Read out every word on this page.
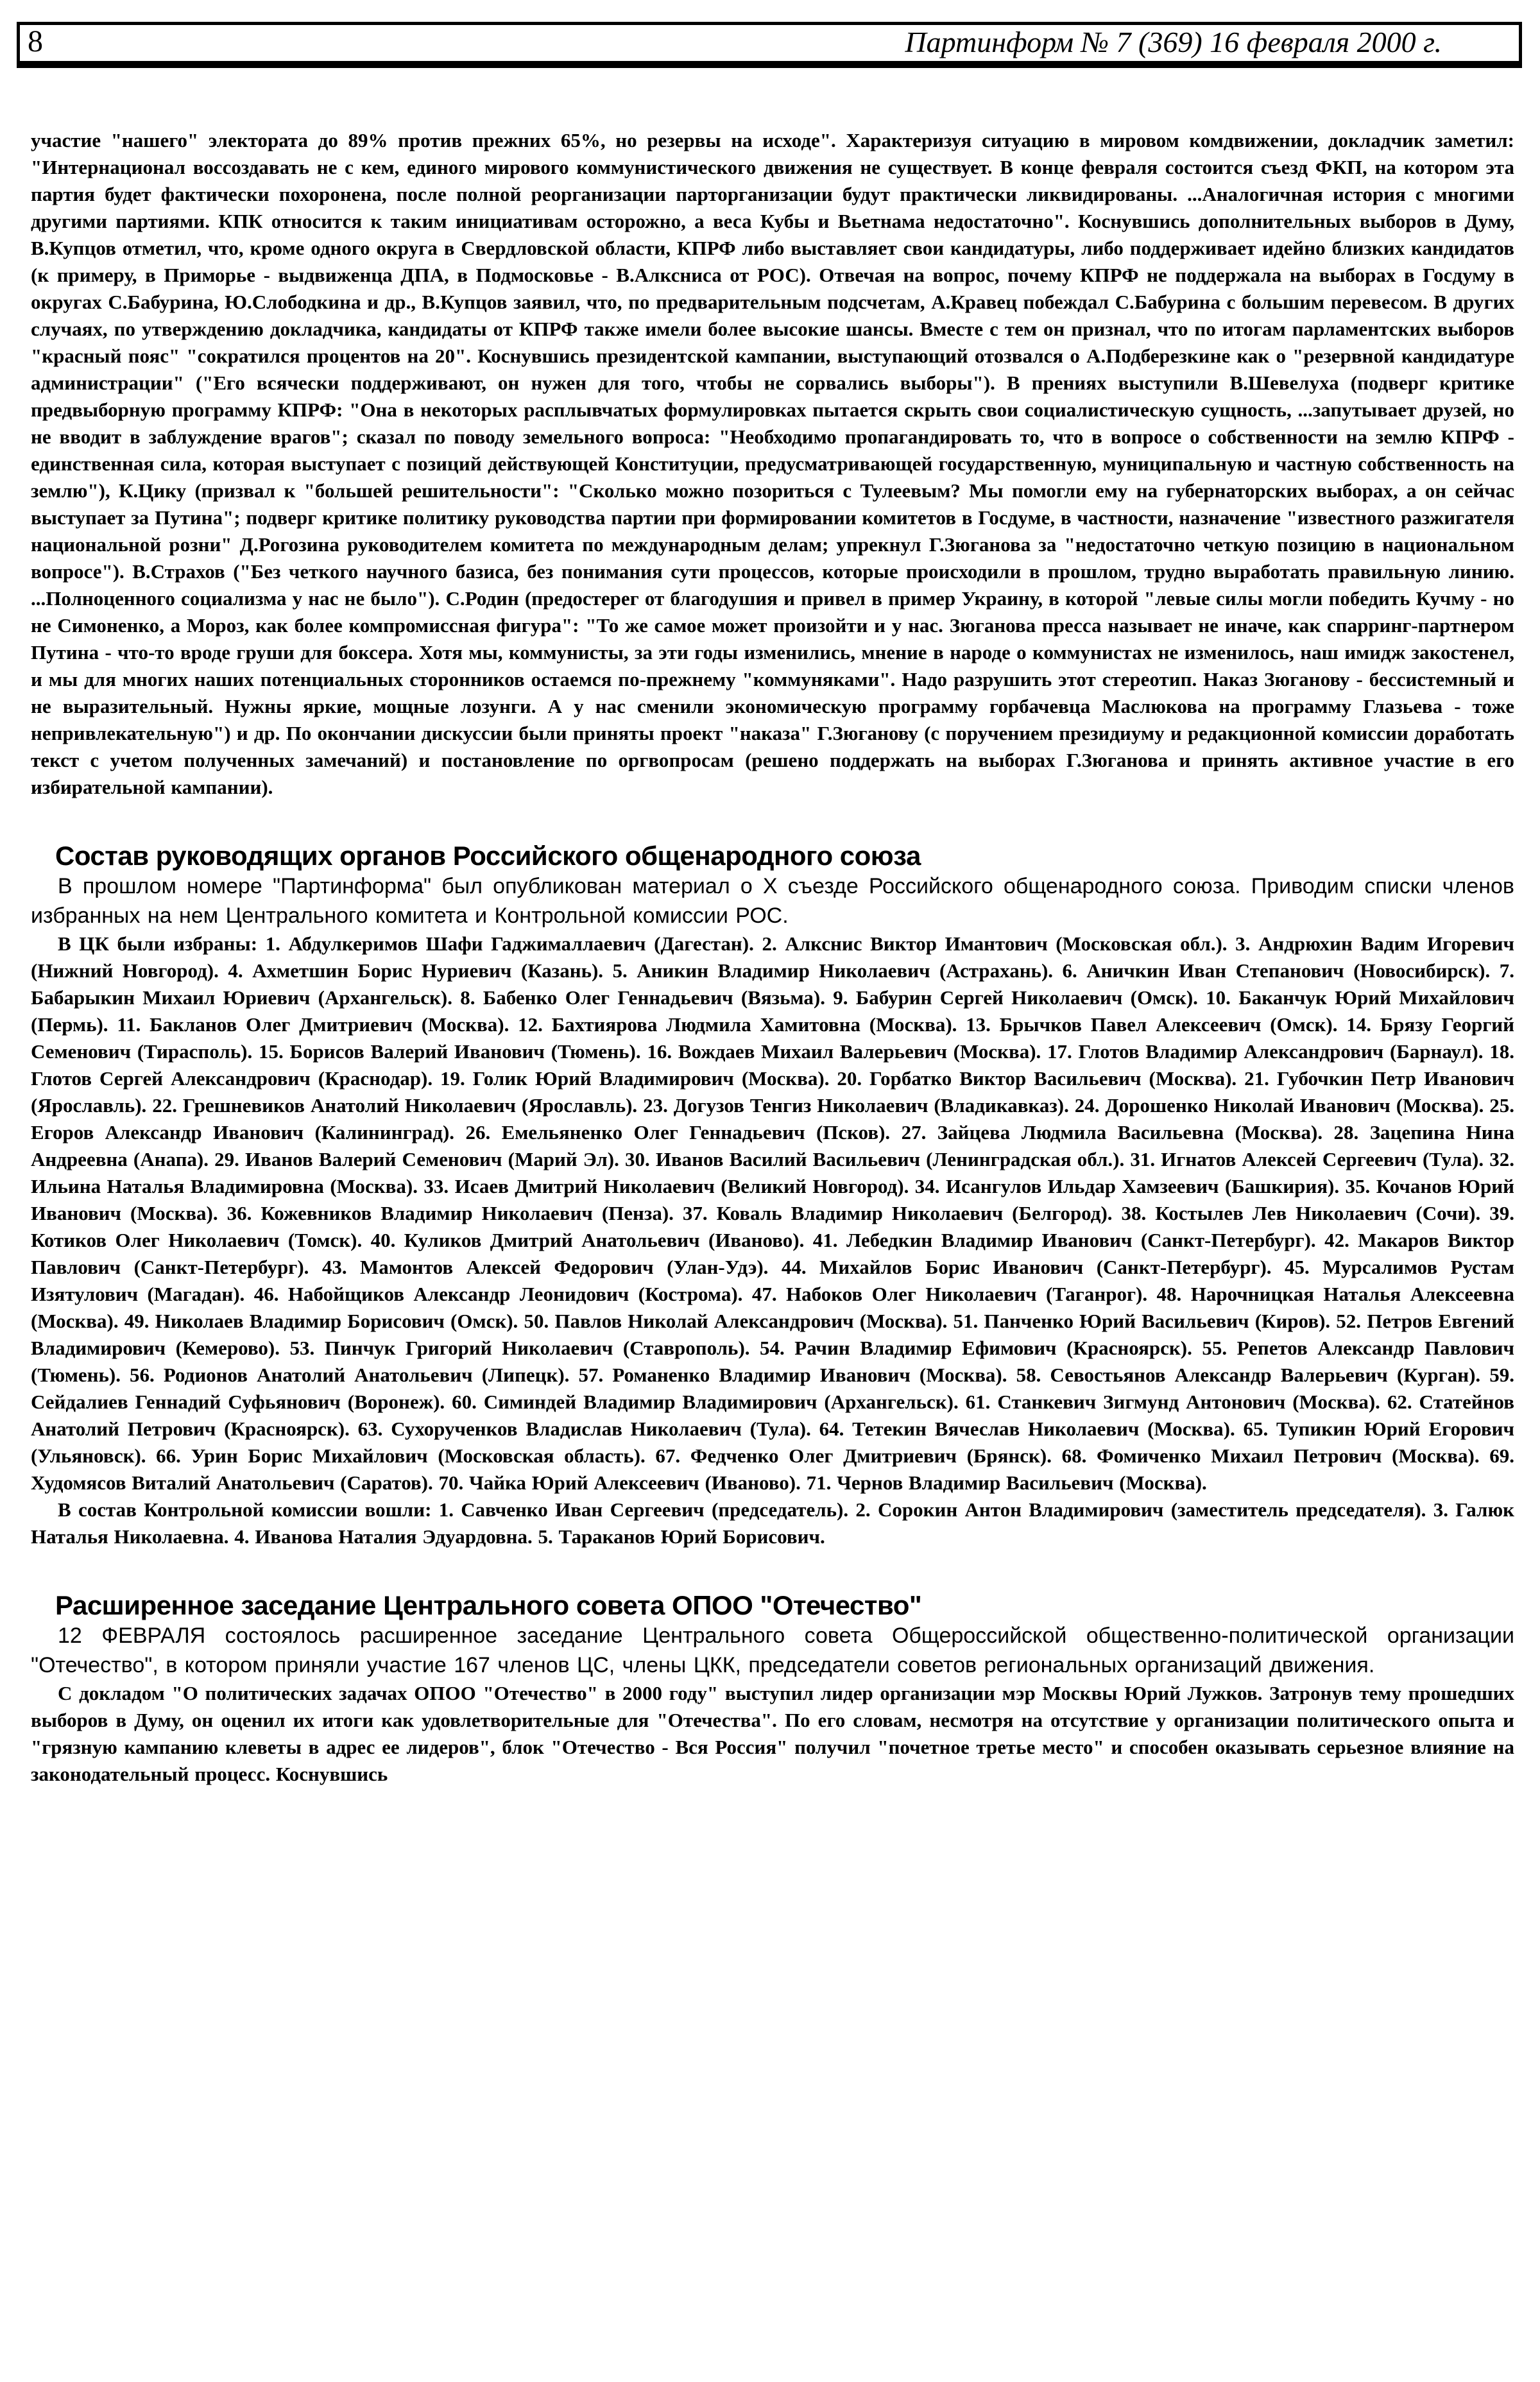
8	Партинформ № 7 (369) 16 февраля 2000 г.

участие "нашего" электората до 89% против прежних 65%, но резервы на исходе". Характеризуя ситуацию в мировом комдвижении, докладчик заметил: "Интернационал воссоздавать не с кем, единого мирового коммунистического движения не существует. В конце февраля состоится съезд ФКП, на котором эта партия будет фактически похоронена, после полной реорганизации парторганизации будут практически ликвидированы. ...Аналогичная история с многими другими партиями. КПК относится к таким инициативам осторожно, а веса Кубы и Вьетнама недостаточно". Коснувшись дополнительных выборов в Думу, В.Купцов отметил, что, кроме одного округа в Свердловской области, КПРФ либо выставляет свои кандидатуры, либо поддерживает идейно близких кандидатов (к примеру, в Приморье - выдвиженца ДПА, в Подмосковье - В.Алксниса от РОС). Отвечая на вопрос, почему КПРФ не поддержала на выборах в Госдуму в округах С.Бабурина, Ю.Слободкина и др., В.Купцов заявил, что, по предварительным подсчетам, А.Кравец побеждал С.Бабурина с большим перевесом. В других случаях, по утверждению докладчика, кандидаты от КПРФ также имели более высокие шансы. Вместе с тем он признал, что по итогам парламентских выборов "красный пояс" "сократился процентов на 20". Коснувшись президентской кампании, выступающий отозвался о А.Подберезкине как о "резервной кандидатуре администрации" ("Его всячески поддерживают, он нужен для того, чтобы не сорвались выборы"). В прениях выступили В.Шевелуха (подверг критике предвыборную программу КПРФ: "Она в некоторых расплывчатых формулировках пытается скрыть свои социалистическую сущность, ...запутывает друзей, но не вводит в заблуждение врагов"; сказал по поводу земельного вопроса: "Необходимо пропагандировать то, что в вопросе о собственности на землю КПРФ - единственная сила, которая выступает с позиций действующей Конституции, предусматривающей государственную, муниципальную и частную собственность на землю"), К.Цику (призвал к "большей решительности": "Сколько можно позориться с Тулеевым? Мы помогли ему на губернаторских выборах, а он сейчас выступает за Путина"; подверг критике политику руководства партии при формировании комитетов в Госдуме, в частности, назначение "известного разжигателя национальной розни" Д.Рогозина руководителем комитета по международным делам; упрекнул Г.Зюганова за "недостаточно четкую позицию в национальном вопросе"). В.Страхов ("Без четкого научного базиса, без понимания сути процессов, которые происходили в прошлом, трудно выработать правильную линию. ...Полноценного социализма у нас не было"). С.Родин (предостерег от благодушия и привел в пример Украину, в которой "левые силы могли победить Кучму - но не Симоненко, а Мороз, как более компромиссная фигура": "То же самое может произойти и у нас. Зюганова пресса называет не иначе, как спарринг-партнером Путина - что-то вроде груши для боксера. Хотя мы, коммунисты, за эти годы изменились, мнение в народе о коммунистах не изменилось, наш имидж закостенел, и мы для многих наших потенциальных сторонников остаемся по-прежнему "коммуняками". Надо разрушить этот стереотип. Наказ Зюганову - бессистемный и не выразительный. Нужны яркие, мощные лозунги. А у нас сменили экономическую программу горбачевца Маслюкова на программу Глазьева - тоже непривлекательную") и др. По окончании дискуссии были приняты проект "наказа" Г.Зюганову (с поручением президиуму и редакционной комиссии доработать текст с учетом полученных замечаний) и постановление по оргвопросам (решено поддержать на выборах Г.Зюганова и принять активное участие в его избирательной кампании).

Состав руководящих органов Российского общенародного союза

В прошлом номере "Партинформа" был опубликован материал о X съезде Российского общенародного союза. Приводим списки членов избранных на нем Центрального комитета и Контрольной комиссии РОС.

В ЦК были избраны: 1. Абдулкеримов Шафи Гаджималлаевич (Дагестан). 2. Алкснис Виктор Имантович (Московская обл.). 3. Андрюхин Вадим Игоревич (Нижний Новгород). 4. Ахметшин Борис Нуриевич (Казань). 5. Аникин Владимир Николаевич (Астрахань). 6. Аничкин Иван Степанович (Новосибирск). 7. Бабарыкин Михаил Юриевич (Архангельск). 8. Бабенко Олег Геннадьевич (Вязьма). 9. Бабурин Сергей Николаевич (Омск). 10. Баканчук Юрий Михайлович (Пермь). 11. Бакланов Олег Дмитриевич (Москва). 12. Бахтиярова Людмила Хамитовна (Москва). 13. Брычков Павел Алексеевич (Омск). 14. Брязу Георгий Семенович (Тирасполь). 15. Борисов Валерий Иванович (Тюмень). 16. Вождаев Михаил Валерьевич (Москва). 17. Глотов Владимир Александрович (Барнаул). 18. Глотов Сергей Александрович (Краснодар). 19. Голик Юрий Владимирович (Москва). 20. Горбатко Виктор Васильевич (Москва). 21. Губочкин Петр Иванович (Ярославль). 22. Грешневиков Анатолий Николаевич (Ярославль). 23. Догузов Тенгиз Николаевич (Владикавказ). 24. Дорошенко Николай Иванович (Москва). 25. Егоров Александр Иванович (Калининград). 26. Емельяненко Олег Геннадьевич (Псков). 27. Зайцева Людмила Васильевна (Москва). 28. Зацепина Нина Андреевна (Анапа). 29. Иванов Валерий Семенович (Марий Эл). 30. Иванов Василий Васильевич (Ленинградская обл.). 31. Игнатов Алексей Сергеевич (Тула). 32. Ильина Наталья Владимировна (Москва). 33. Исаев Дмитрий Николаевич (Великий Новгород). 34. Исангулов Ильдар Хамзеевич (Башкирия). 35. Кочанов Юрий Иванович (Москва). 36. Кожевников Владимир Николаевич (Пенза). 37. Коваль Владимир Николаевич (Белгород). 38. Костылев Лев Николаевич (Сочи). 39. Котиков Олег Николаевич (Томск). 40. Куликов Дмитрий Анатольевич (Иваново). 41. Лебедкин Владимир Иванович (Санкт-Петербург). 42. Макаров Виктор Павлович (Санкт-Петербург). 43. Мамонтов Алексей Федорович (Улан-Удэ). 44. Михайлов Борис Иванович (Санкт-Петербург). 45. Мурсалимов Рустам Изятулович (Магадан). 46. Набойщиков Александр Леонидович (Кострома). 47. Набоков Олег Николаевич (Таганрог). 48. Нарочницкая Наталья Алексеевна (Москва). 49. Николаев Владимир Борисович (Омск). 50. Павлов Николай Александрович (Москва). 51. Панченко Юрий Васильевич (Киров). 52. Петров Евгений Владимирович (Кемерово). 53. Пинчук Григорий Николаевич (Ставрополь). 54. Рачин Владимир Ефимович (Красноярск). 55. Репетов Александр Павлович (Тюмень). 56. Родионов Анатолий Анатольевич (Липецк). 57. Романенко Владимир Иванович (Москва). 58. Севостьянов Александр Валерьевич (Курган). 59. Сейдалиев Геннадий Суфьянович (Воронеж). 60. Симиндей Владимир Владимирович (Архангельск). 61. Станкевич Зигмунд Антонович (Москва). 62. Статейнов Анатолий Петрович (Красноярск). 63. Сухорученков Владислав Николаевич (Тула). 64. Тетекин Вячеслав Николаевич (Москва). 65. Тупикин Юрий Егорович (Ульяновск). 66. Урин Борис Михайлович (Московская область). 67. Федченко Олег Дмитриевич (Брянск). 68. Фомиченко Михаил Петрович (Москва). 69. Худомясов Виталий Анатольевич (Саратов). 70. Чайка Юрий Алексеевич (Иваново). 71. Чернов Владимир Васильевич (Москва).

В состав Контрольной комиссии вошли: 1. Савченко Иван Сергеевич (председатель). 2. Сорокин Антон Владимирович (заместитель председателя). 3. Галюк Наталья Николаевна. 4. Иванова Наталия Эдуардовна. 5. Тараканов Юрий Борисович.

Расширенное заседание Центрального совета ОПОО "Отечество"

12 ФЕВРАЛЯ состоялось расширенное заседание Центрального совета Общероссийской общественно-политической организации "Отечество", в котором приняли участие 167 членов ЦС, члены ЦКК, председатели советов региональных организаций движения.

С докладом "О политических задачах ОПОО "Отечество" в 2000 году" выступил лидер организации мэр Москвы Юрий Лужков. Затронув тему прошедших выборов в Думу, он оценил их итоги как удовлетворительные для "Отечества". По его словам, несмотря на отсутствие у организации политического опыта и "грязную кампанию клеветы в адрес ее лидеров", блок "Отечество - Вся Россия" получил "почетное третье место" и способен оказывать серьезное влияние на законодательный процесс. Коснувшись
